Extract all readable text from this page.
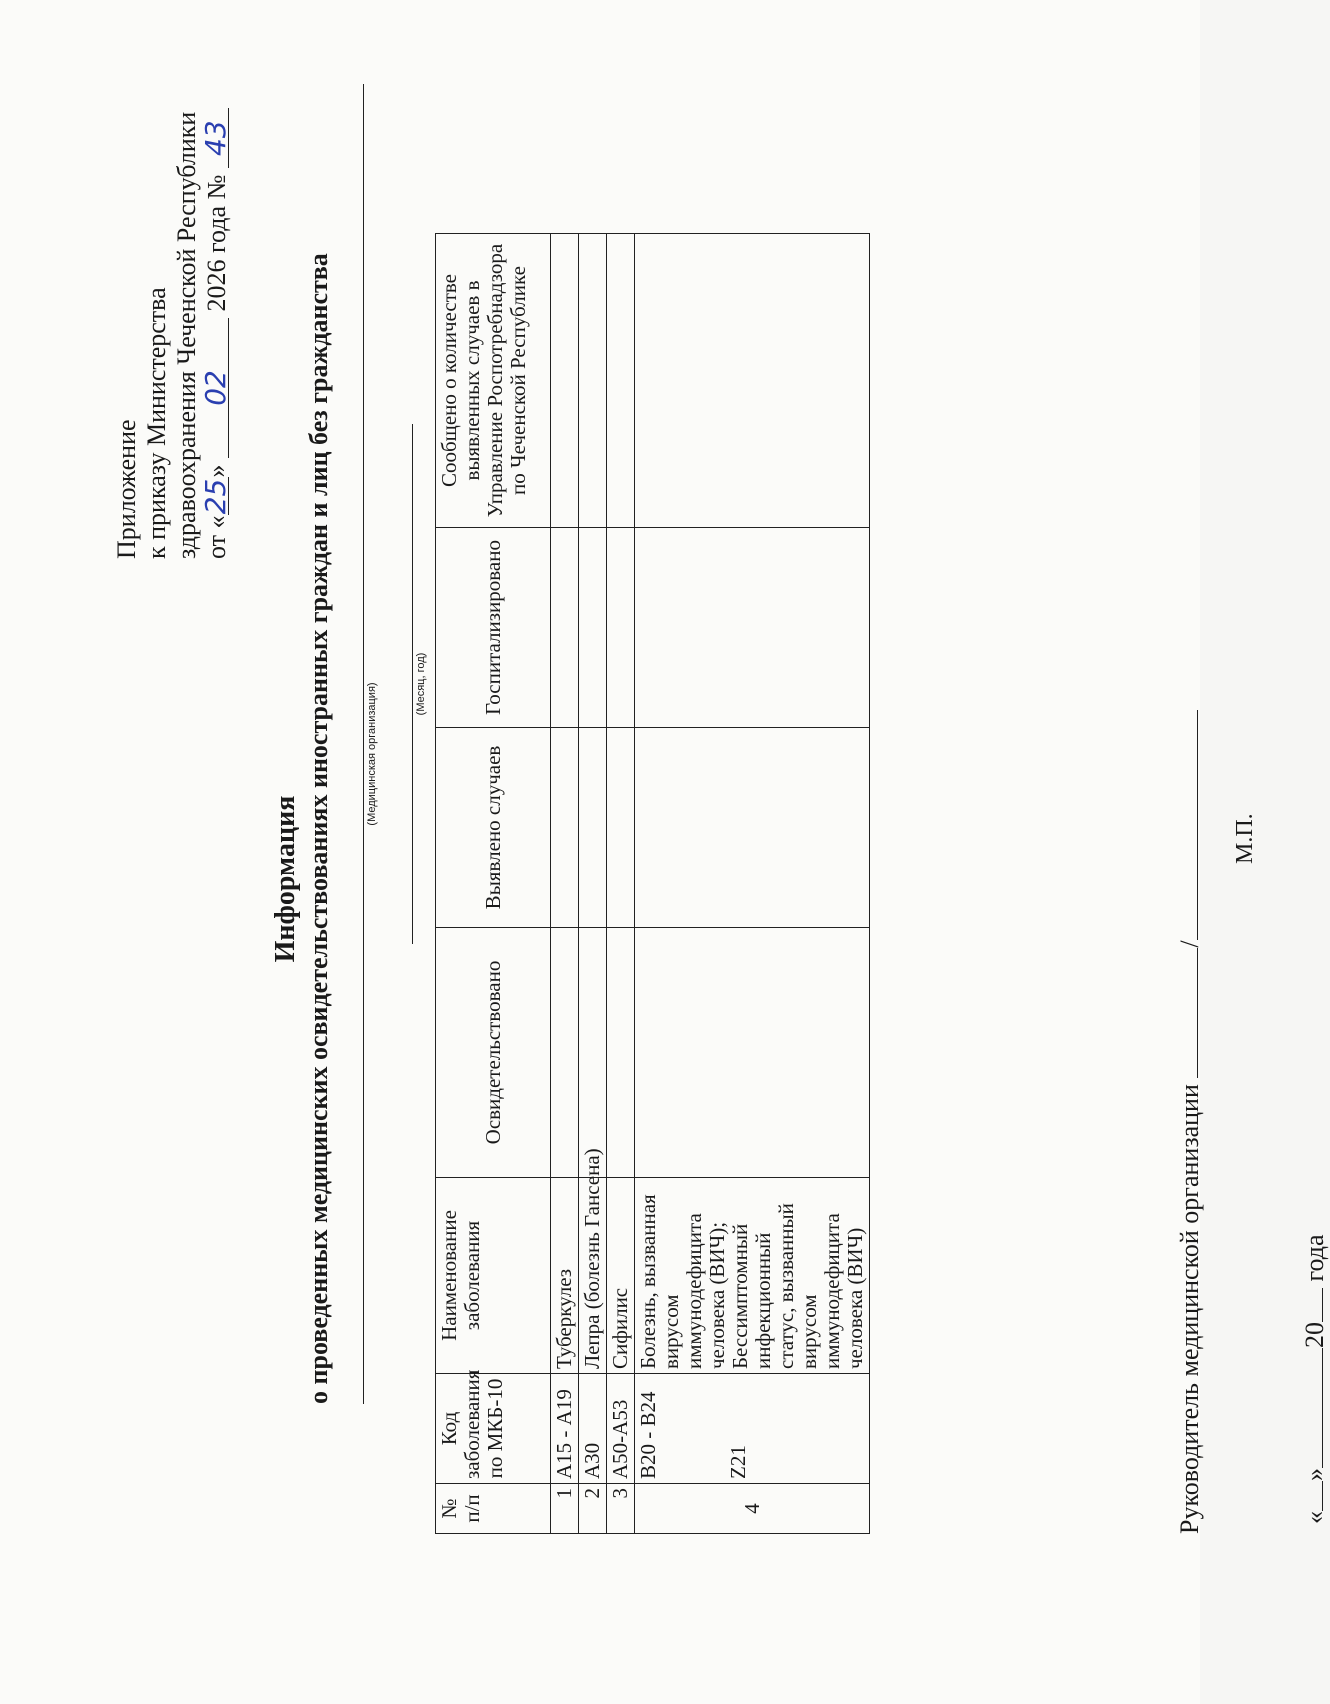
Приложение к приказу Министерства здравоохранения Чеченской Республики от «25» 02 2026 года № 43
Информация о проведенных медицинских освидетельствованиях иностранных граждан и лиц без гражданства	(Медицинская организация)	(Месяц, год)
№ п/п	Код заболевания по МКБ-10	Наименование заболевания	Освидетельствовано	Выявлено случаев	Госпитализировано	Сообщено о количестве выявленных случаев в Управление Роспотребнадзора по Чеченской Республике
1	А15 - А19	Туберкулез				
2	А30	Лепра (болезнь Гансена)				
3	А50-А53	Сифилис				
4	В20 - В24 Z21	Болезнь, вызванная вирусом иммунодефицита человека (ВИЧ); Бессимптомный инфекционный статус, вызванный вирусом иммунодефицита человека (ВИЧ)					Руководитель медицинской организации /
М.П.
«»20 года
